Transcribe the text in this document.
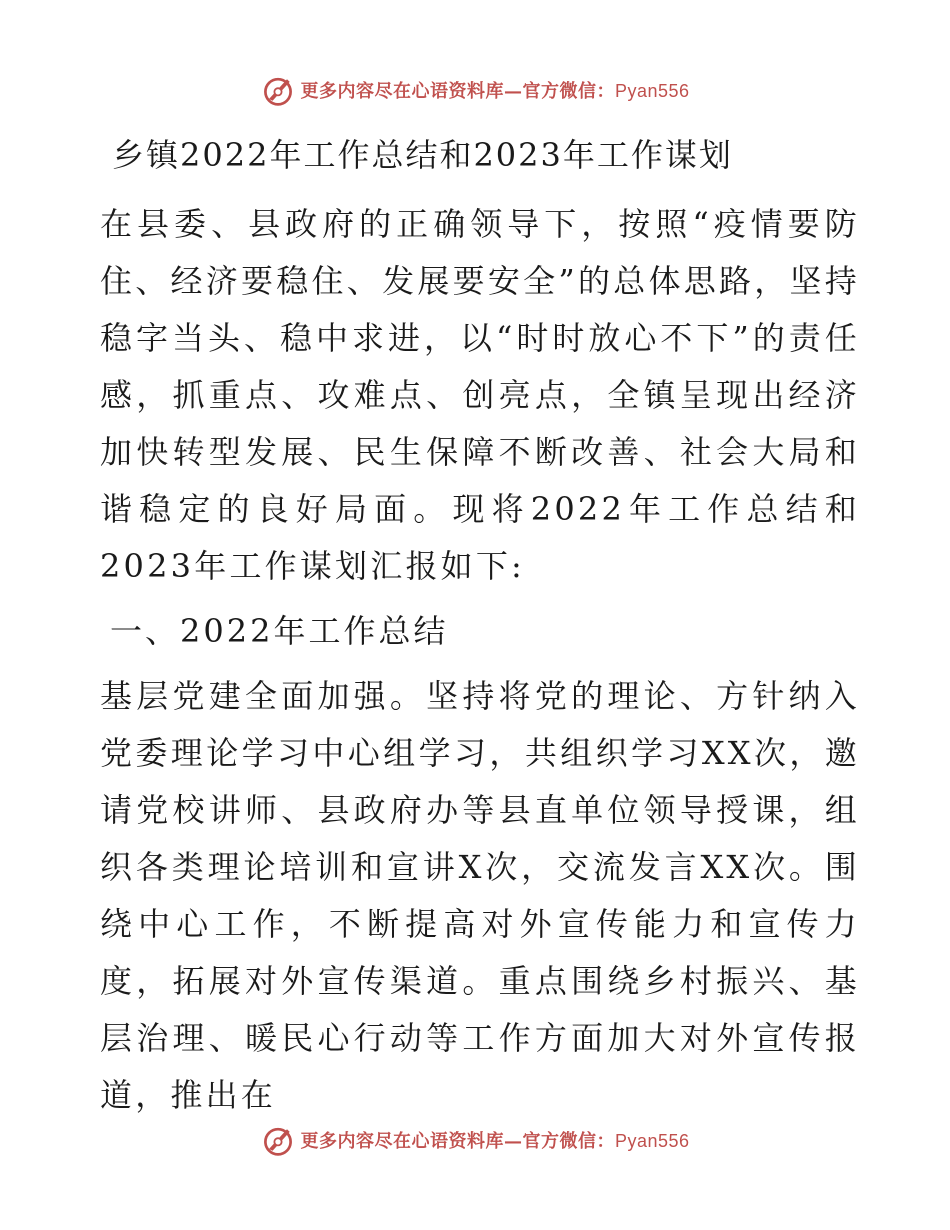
更多内容尽在心语资料库—官方微信：Pyan556
乡镇2022年工作总结和2023年工作谋划

在县委、县政府的正确领导下，按照“疫情要防住、经济要稳住、发展要安全”的总体思路，坚持稳字当头、稳中求进，以“时时放心不下”的责任感，抓重点、攻难点、创亮点，全镇呈现出经济加快转型发展、民生保障不断改善、社会大局和谐稳定的良好局面。现将2022年工作总结和2023年工作谋划汇报如下:

一、2022年工作总结

基层党建全面加强。坚持将党的理论、方针纳入党委理论学习中心组学习，共组织学习XX次，邀请党校讲师、县政府办等县直单位领导授课，组织各类理论培训和宣讲X次，交流发言XX次。围绕中心工作，不断提高对外宣传能力和宣传力度，拓展对外宣传渠道。重点围绕乡村振兴、基层治理、暖民心行动等工作方面加大对外宣传报道，推出在

更多内容尽在心语资料库—官方微信：Pyan556
